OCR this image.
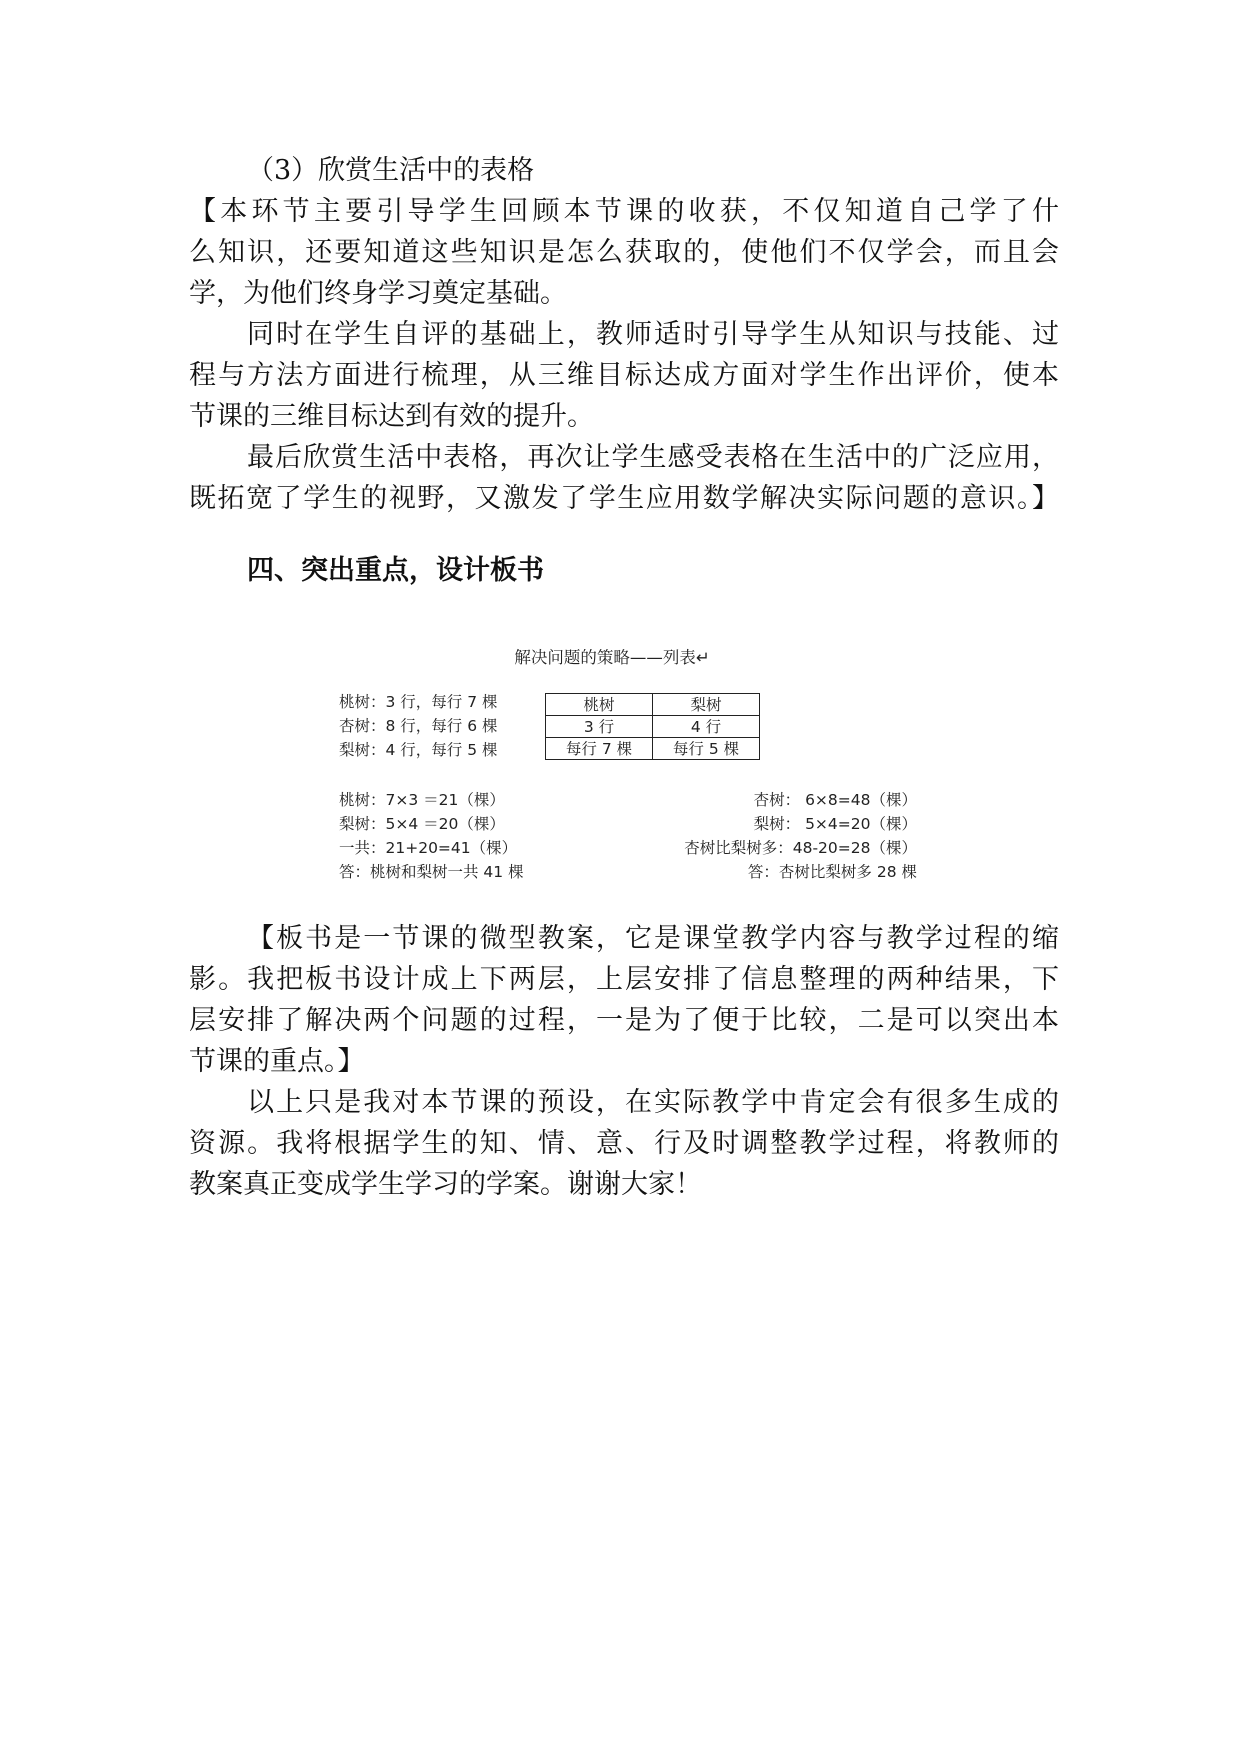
（3）欣赏生活中的表格

【本环节主要引导学生回顾本节课的收获，不仅知道自己学了什

么知识，还要知道这些知识是怎么获取的，使他们不仅学会，而且会

学，为他们终身学习奠定基础。

同时在学生自评的基础上，教师适时引导学生从知识与技能、过

程与方法方面进行梳理，从三维目标达成方面对学生作出评价，使本

节课的三维目标达到有效的提升。

最后欣赏生活中表格，再次让学生感受表格在生活中的广泛应用，

既拓宽了学生的视野，又激发了学生应用数学解决实际问题的意识。】

四、突出重点，设计板书

解决问题的策略——列表↵
桃树：3 行，每行 7 棵
杏树：8 行，每行 6 棵
梨树：4 行，每行 5 棵
桃树	梨树
3 行	4 行
每行 7 棵	每行 5 棵
桃树：7×3 ＝21（棵）
梨树：5×4 ＝20（棵）
一共：21+20=41（棵）
答：桃树和梨树一共 41 棵
杏树： 6×8=48（棵）
梨树： 5×4=20（棵）
杏树比梨树多：48-20=28（棵）
答：杏树比梨树多 28 棵

【板书是一节课的微型教案，它是课堂教学内容与教学过程的缩

影。我把板书设计成上下两层，上层安排了信息整理的两种结果，下

层安排了解决两个问题的过程，一是为了便于比较，二是可以突出本

节课的重点。】

以上只是我对本节课的预设，在实际教学中肯定会有很多生成的

资源。我将根据学生的知、情、意、行及时调整教学过程，将教师的

教案真正变成学生学习的学案。谢谢大家！
